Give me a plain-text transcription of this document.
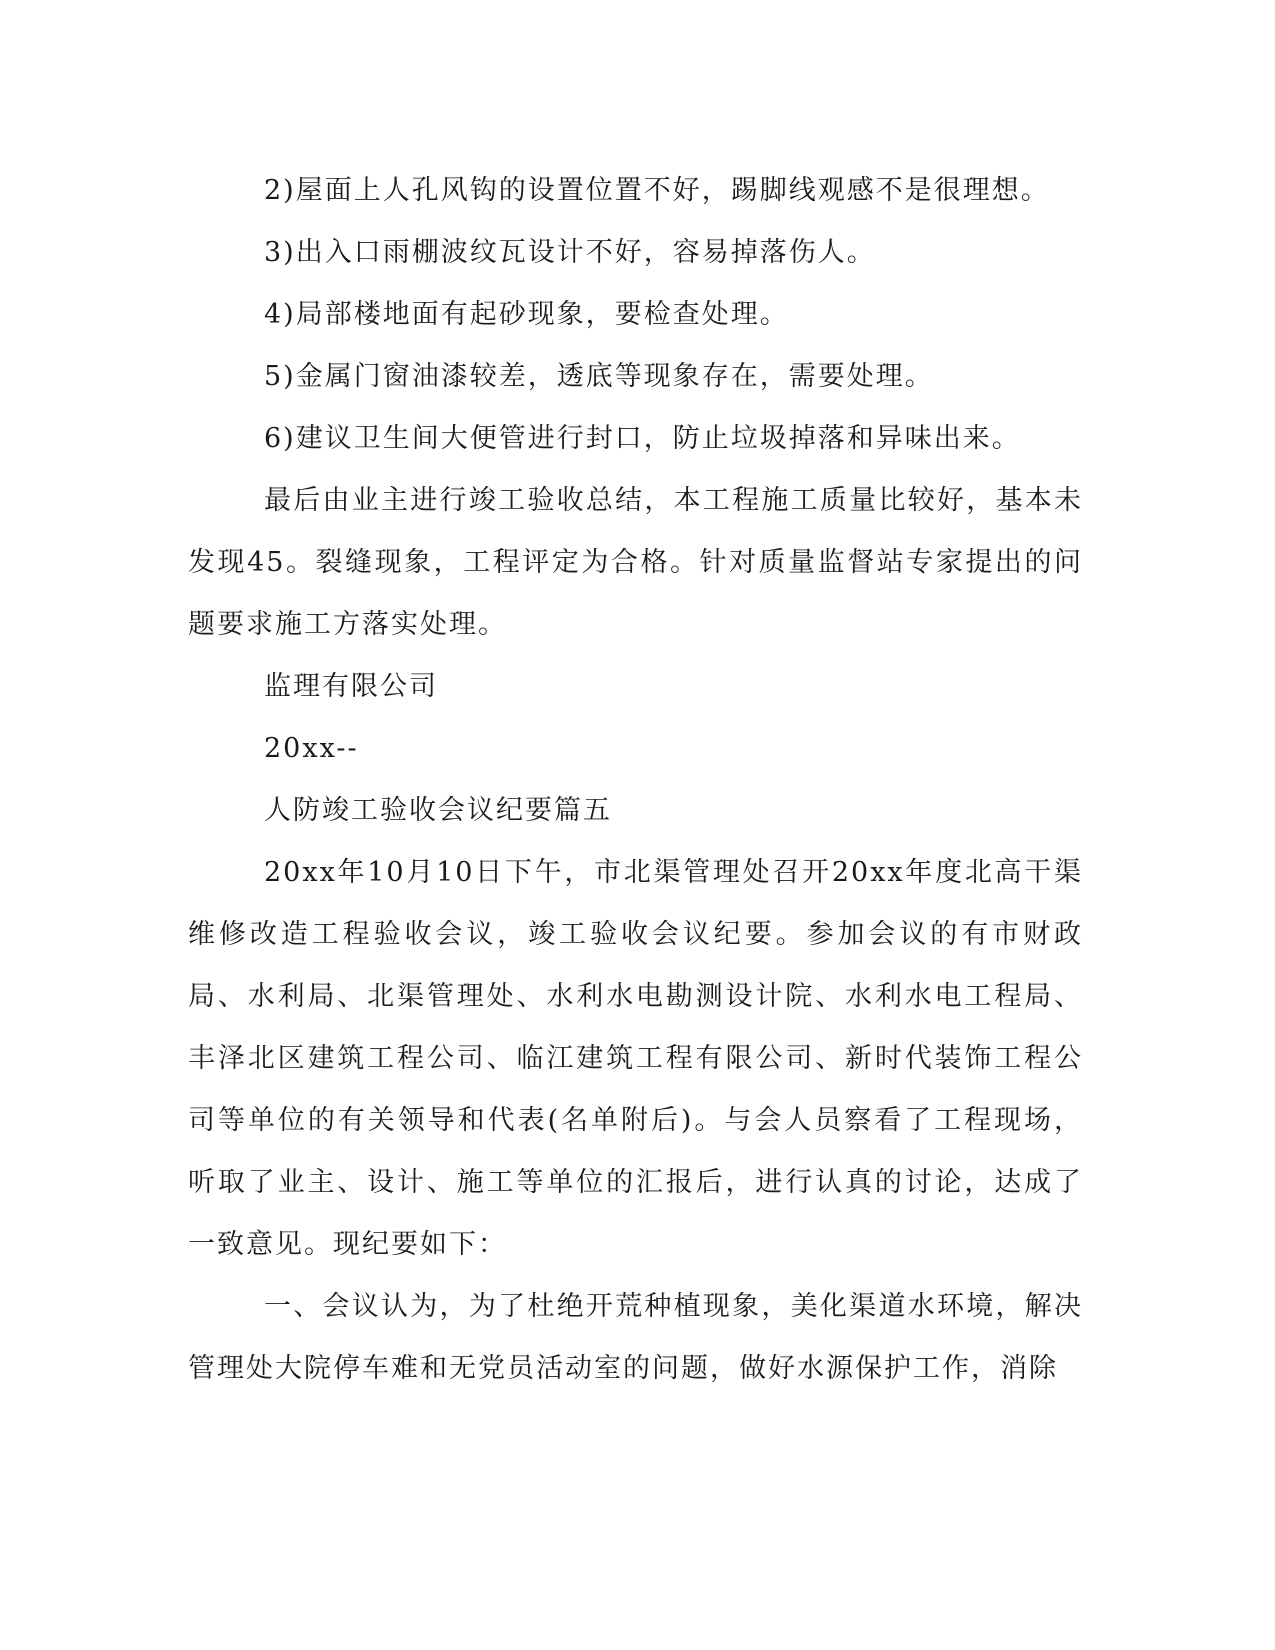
2)屋面上人孔风钩的设置位置不好，踢脚线观感不是很理想。

3)出入口雨棚波纹瓦设计不好，容易掉落伤人。

4)局部楼地面有起砂现象，要检查处理。

5)金属门窗油漆较差，透底等现象存在，需要处理。

6)建议卫生间大便管进行封口，防止垃圾掉落和异味出来。

最后由业主进行竣工验收总结，本工程施工质量比较好，基本未发现45。裂缝现象，工程评定为合格。针对质量监督站专家提出的问题要求施工方落实处理。

监理有限公司

20xx--

人防竣工验收会议纪要篇五

20xx年10月10日下午，市北渠管理处召开20xx年度北高干渠维修改造工程验收会议，竣工验收会议纪要。参加会议的有市财政局、水利局、北渠管理处、水利水电勘测设计院、水利水电工程局、丰泽北区建筑工程公司、临江建筑工程有限公司、新时代装饰工程公司等单位的有关领导和代表(名单附后)。与会人员察看了工程现场，听取了业主、设计、施工等单位的汇报后，进行认真的讨论，达成了一致意见。现纪要如下：

一、会议认为，为了杜绝开荒种植现象，美化渠道水环境，解决管理处大院停车难和无党员活动室的问题，做好水源保护工作，消除
